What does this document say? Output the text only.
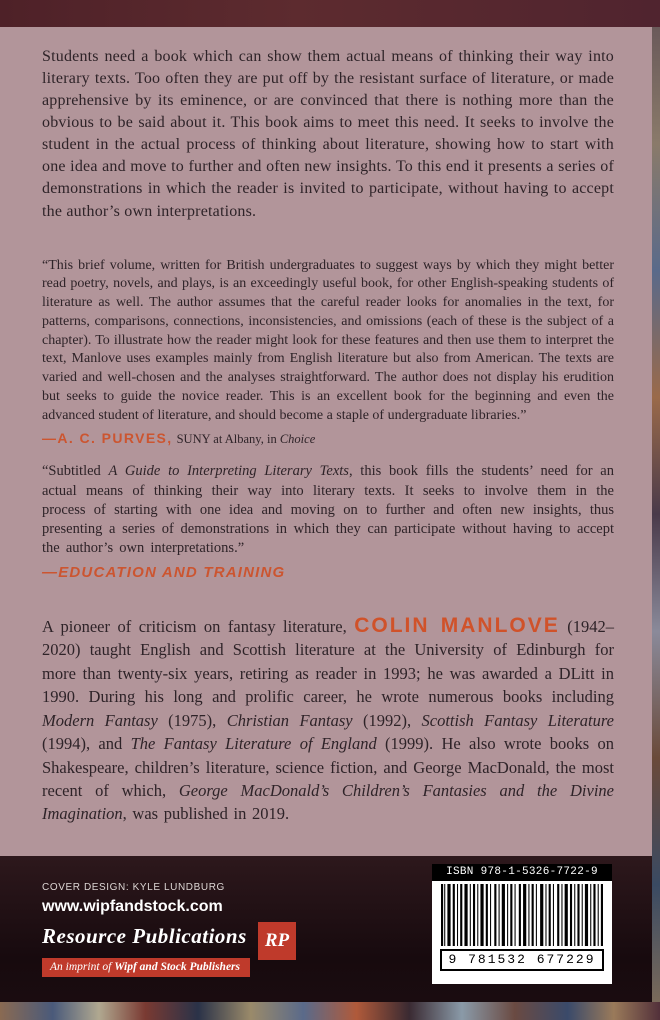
Students need a book which can show them actual means of thinking their way into literary texts. Too often they are put off by the resistant surface of literature, or made apprehensive by its eminence, or are convinced that there is nothing more than the obvious to be said about it. This book aims to meet this need. It seeks to involve the student in the actual process of thinking about literature, showing how to start with one idea and move to further and often new insights. To this end it presents a series of demonstrations in which the reader is invited to participate, without having to accept the author’s own interpretations.

“This brief volume, written for British undergraduates to suggest ways by which they might better read poetry, novels, and plays, is an exceedingly useful book, for other English-speaking students of literature as well. The author assumes that the careful reader looks for anomalies in the text, for patterns, comparisons, connections, inconsistencies, and omissions (each of these is the subject of a chapter). To illustrate how the reader might look for these features and then use them to interpret the text, Manlove uses examples mainly from English literature but also from American. The texts are varied and well-chosen and the analyses straightforward. The author does not display his erudition but seeks to guide the novice reader. This is an excellent book for the beginning and even the advanced student of literature, and should become a staple of undergraduate libraries.”

—A. C. PURVES, SUNY at Albany, in Choice

“Subtitled A Guide to Interpreting Literary Texts, this book fills the students’ need for an actual means of thinking their way into literary texts. It seeks to involve them in the process of starting with one idea and moving on to further and often new insights, thus presenting a series of demonstrations in which they can participate without having to accept the author’s own interpretations.”

—EDUCATION AND TRAINING

A pioneer of criticism on fantasy literature, COLIN MANLOVE (1942–2020) taught English and Scottish literature at the University of Edinburgh for more than twenty-six years, retiring as reader in 1993; he was awarded a DLitt in 1990. During his long and prolific career, he wrote numerous books including Modern Fantasy (1975), Christian Fantasy (1992), Scottish Fantasy Literature (1994), and The Fantasy Literature of England (1999). He also wrote books on Shakespeare, children’s literature, science fiction, and George MacDonald, the most recent of which, George MacDonald’s Children’s Fantasies and the Divine Imagination, was published in 2019.

COVER DESIGN: KYLE LUNDBURG
www.wipfandstock.com
Resource Publications RP
An imprint of Wipf and Stock Publishers
ISBN 978-1-5326-7722-9
9 781532 677229
